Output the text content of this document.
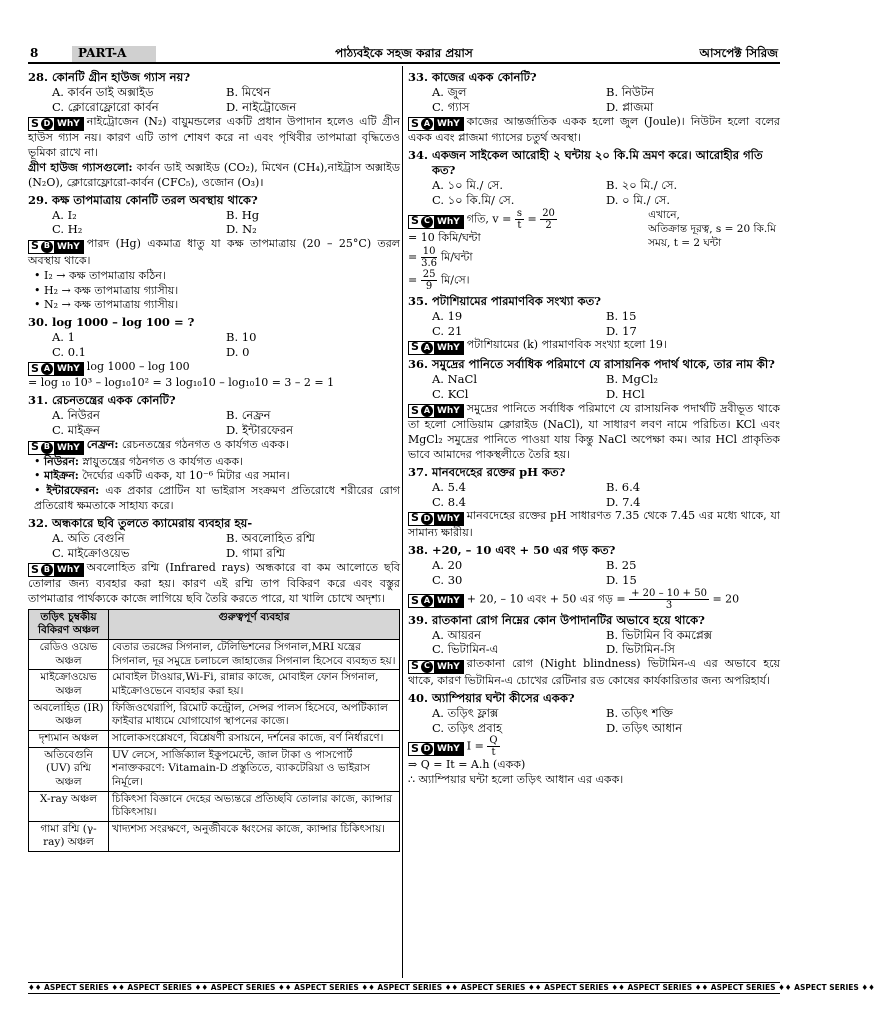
8	PART-A	পাঠ্যবইকে সহজ করার প্রয়াস	আসপেক্ট সিরিজ
28. কোনটি গ্রীন হাউজ গ্যাস নয়?
A. কার্বন ডাই অক্সাইড	B. মিথেন
C. ক্লোরোফ্লোরো কার্বন	D. নাইট্রোজেন

S D WhY নাইট্রোজেন (N₂) বায়ুমন্ডলের একটি প্রধান উপাদান হলেও এটি গ্রীন হাউস গ্যাস নয়। কারণ এটি তাপ শোষণ করে না এবং পৃথিবীর তাপমাত্রা বৃদ্ধিতেও ভূমিকা রাখে না।

গ্রীণ হাউজ গ্যাসগুলো: কার্বন ডাই অক্সাইড (CO₂), মিথেন (CH₄),নাইট্রাস অক্সাইড (N₂O), ক্লোরোফ্লোরো-কার্বন (CFC₅), ওজোন (O₃)।

29. কক্ষ তাপমাত্রায় কোনটি তরল অবস্থায় থাকে?
A. I₂	B. Hg
C. H₂	D. N₂

S B WhY পারদ (Hg) একমাত্র ধাতু যা কক্ষ তাপমাত্রায় (20 – 25°C) তরল অবস্থায় থাকে।

• I₂ → কক্ষ তাপমাত্রায় কঠিন।
• H₂ → কক্ষ তাপমাত্রায় গ্যাসীয়।
• N₂ → কক্ষ তাপমাত্রায় গ্যাসীয়।
30. log 1000 – log 100 = ?
A. 1	B. 10
C. 0.1	D. 0

S A WhY log 1000 – log 100

= log ₁₀ 10³ – log₁₀10² = 3 log₁₀10 – log₁₀10 = 3 – 2 = 1

31. রেচনতন্ত্রের একক কোনটি?
A. নিউরন	B. নেফ্রন
C. মাইক্রন	D. ইন্টারফেরন

S B WhY নেফ্রন: রেচনতন্ত্রের গঠনগত ও কার্যগত একক।

• নিউরন: স্নায়ুতন্ত্রের গঠনগত ও কার্যগত একক।
• মাইক্রন: দৈর্ঘ্যের একটি একক, যা 10⁻⁶ মিটার এর সমান।
• ইন্টারফেরন: এক প্রকার প্রোটিন যা ভাইরাস সংক্রমণ প্রতিরোধে শরীরের রোগ প্রতিরোধ ক্ষমতাকে সাহায্য করে।
32. অন্ধকারে ছবি তুলতে ক্যামেরায় ব্যবহার হয়-
A. অতি বেগুনি	B. অবলোহিত রশ্মি
C. মাইক্রোওয়েভ	D. গামা রশ্মি

S B WhY অবলোহিত রশ্মি (Infrared rays) অন্ধকারে বা কম আলোতে ছবি তোলার জন্য ব্যবহার করা হয়। কারণ এই রশ্মি তাপ বিকিরণ করে এবং বস্তুর তাপমাত্রার পার্থক্যকে কাজে লাগিয়ে ছবি তৈরি করতে পারে, যা খালি চোখে অদৃশ্য।

তড়িৎ চুম্বকীয় বিকিরণ অঞ্চল	গুরুত্বপূর্ণ ব্যবহার
রেডিও ওয়েভ অঞ্চল	বেতার তরঙ্গের সিগনাল, টেলিভিশনের সিগনাল,MRI যন্ত্রের সিগনাল, দূর সমুদ্রে চলাচলে জাহাজের সিগনাল হিসেবে ব্যবহৃত হয়।
মাইক্রোওয়েভ অঞ্চল	মোবাইল টাওয়ার,Wi-Fi, রান্নার কাজে, মোবাইল ফোন সিগনাল, মাইক্রোওভেনে ব্যবহার করা হয়।
অবলোহিত (IR) অঞ্চল	ফিজিওথেরাপি, রিমোট কন্ট্রোল, সেন্সর পালস হিসেবে, অপটিক্যাল ফাইবার মাধ্যমে যোগাযোগ স্থাপনের কাজে।
দৃশ্যমান অঞ্চল	সালোকসংশ্লেষণে, বিশ্লেষণী রসায়নে, দর্শনের কাজে, বর্ণ নির্ধারণে।
অতিবেগুনি (UV) রশ্মি অঞ্চল	UV লেসে, সার্জিক্যাল ইকুপমেন্টে, জাল টাকা ও পাসপোর্ট শনাক্তকরণে: Vitamain-D প্রস্তুতিতে, ব্যাকটেরিয়া ও ভাইরাস নির্মূলে।
X-ray অঞ্চল	চিকিৎসা বিজ্ঞানে দেহের অভ্যন্তরে প্রতিচ্ছবি তোলার কাজে, ক্যান্সার চিকিৎসায়।
গামা রশ্মি (γ-ray) অঞ্চল	খাদ্যশস্য সংরক্ষণে, অনুজীবকে ধ্বংসের কাজে, ক্যান্সার চিকিৎসায়।
33. কাজের একক কোনটি?
A. জুল	B. নিউটন
C. গ্যাস	D. প্লাজমা

S A WhY কাজের আন্তর্জাতিক একক হলো জুল (Joule)। নিউটন হলো বলের একক এবং প্লাজমা গ্যাসের চতুর্থ অবস্থা।

34. একজন সাইকেল আরোহী ২ ঘন্টায় ২০ কি.মি ভ্রমণ করে। আরোহীর গতি কত?
A. ১০ মি./ সে.	B. ২০ মি./ সে.
C. ১০ কি.মি/ সে.	D. ০ মি./ সে.

S C WhY গতি, $v = \frac{s}{t} = \frac{20}{2}$

= 10 কিমি/ঘন্টা

= $\frac{10}{3.6}$ মি/ঘন্টা

= $\frac{25}{9}$ মি/সে।

এখানে,

অতিক্রান্ত দূরত্ব, s = 20 কি.মি

সময়, t = 2 ঘন্টা

35. পটাশিয়ামের পারমাণবিক সংখ্যা কত?
A. 19	B. 15
C. 21	D. 17

S A WhY পটাশিয়ামের (k) পারমাণবিক সংখ্যা হলো 19।

36. সমুদ্রের পানিতে সর্বাধিক পরিমাণে যে রাসায়নিক পদার্থ থাকে, তার নাম কী?
A. NaCl	B. MgCl₂
C. KCl	D. HCl

S A WhY সমুদ্রের পানিতে সর্বাধিক পরিমাণে যে রাসায়নিক পদার্থটি দ্রবীভূত থাকে তা হলো সোডিয়াম ক্লোরাইড (NaCl), যা সাধারণ লবণ নামে পরিচিত। KCl এবং MgCl₂ সমুদ্রের পানিতে পাওয়া যায় কিন্তু NaCl অপেক্ষা কম। আর HCl প্রাকৃতিক ভাবে আমাদের পাকস্থলীতে তৈরি হয়।

37. মানবদেহের রক্তের pH কত?
A. 5.4	B. 6.4
C. 8.4	D. 7.4

S D WhY মানবদেহের রক্তের pH সাধারণত 7.35 থেকে 7.45 এর মধ্যে থাকে, যা সামান্য ক্ষারীয়।

38. +20, – 10 এবং + 50 এর গড় কত?
A. 20	B. 25
C. 30	D. 15

S A WhY + 20, – 10 এবং + 50 এর গড় = $\frac{+ 20 - 10 + 50}{3} = 20$

39. রাতকানা রোগ নিম্নের কোন উপাদানটির অভাবে হয়ে থাকে?
A. আয়রন	B. ভিটামিন বি কমপ্লেক্স
C. ভিটামিন-এ	D. ভিটামিন-সি

S C WhY রাতকানা রোগ (Night blindness) ভিটামিন-এ এর অভাবে হয়ে থাকে, কারণ ভিটামিন-এ চোখের রেটিনার রড কোষের কার্যকারিতার জন্য অপরিহার্য।

40. অ্যাম্পিয়ার ঘন্টা কীসের একক?
A. তড়িৎ ফ্লাক্স	B. তড়িৎ শক্তি
C. তড়িৎ প্রবাহ	D. তড়িৎ আধান

S D WhY $I = \frac{Q}{t}$

⇒ Q = It = A.h (একক)

∴ অ্যাম্পিয়ার ঘন্টা হলো তড়িৎ আধান এর একক।

♦♦ ASPECT SERIES ♦♦ ASPECT SERIES ♦♦ ASPECT SERIES ♦♦ ASPECT SERIES ♦♦ ASPECT SERIES ♦♦ ASPECT SERIES ♦♦ ASPECT SERIES ♦♦ ASPECT SERIES ♦♦ ASPECT SERIES ♦♦ ASPECT SERIES ♦♦
